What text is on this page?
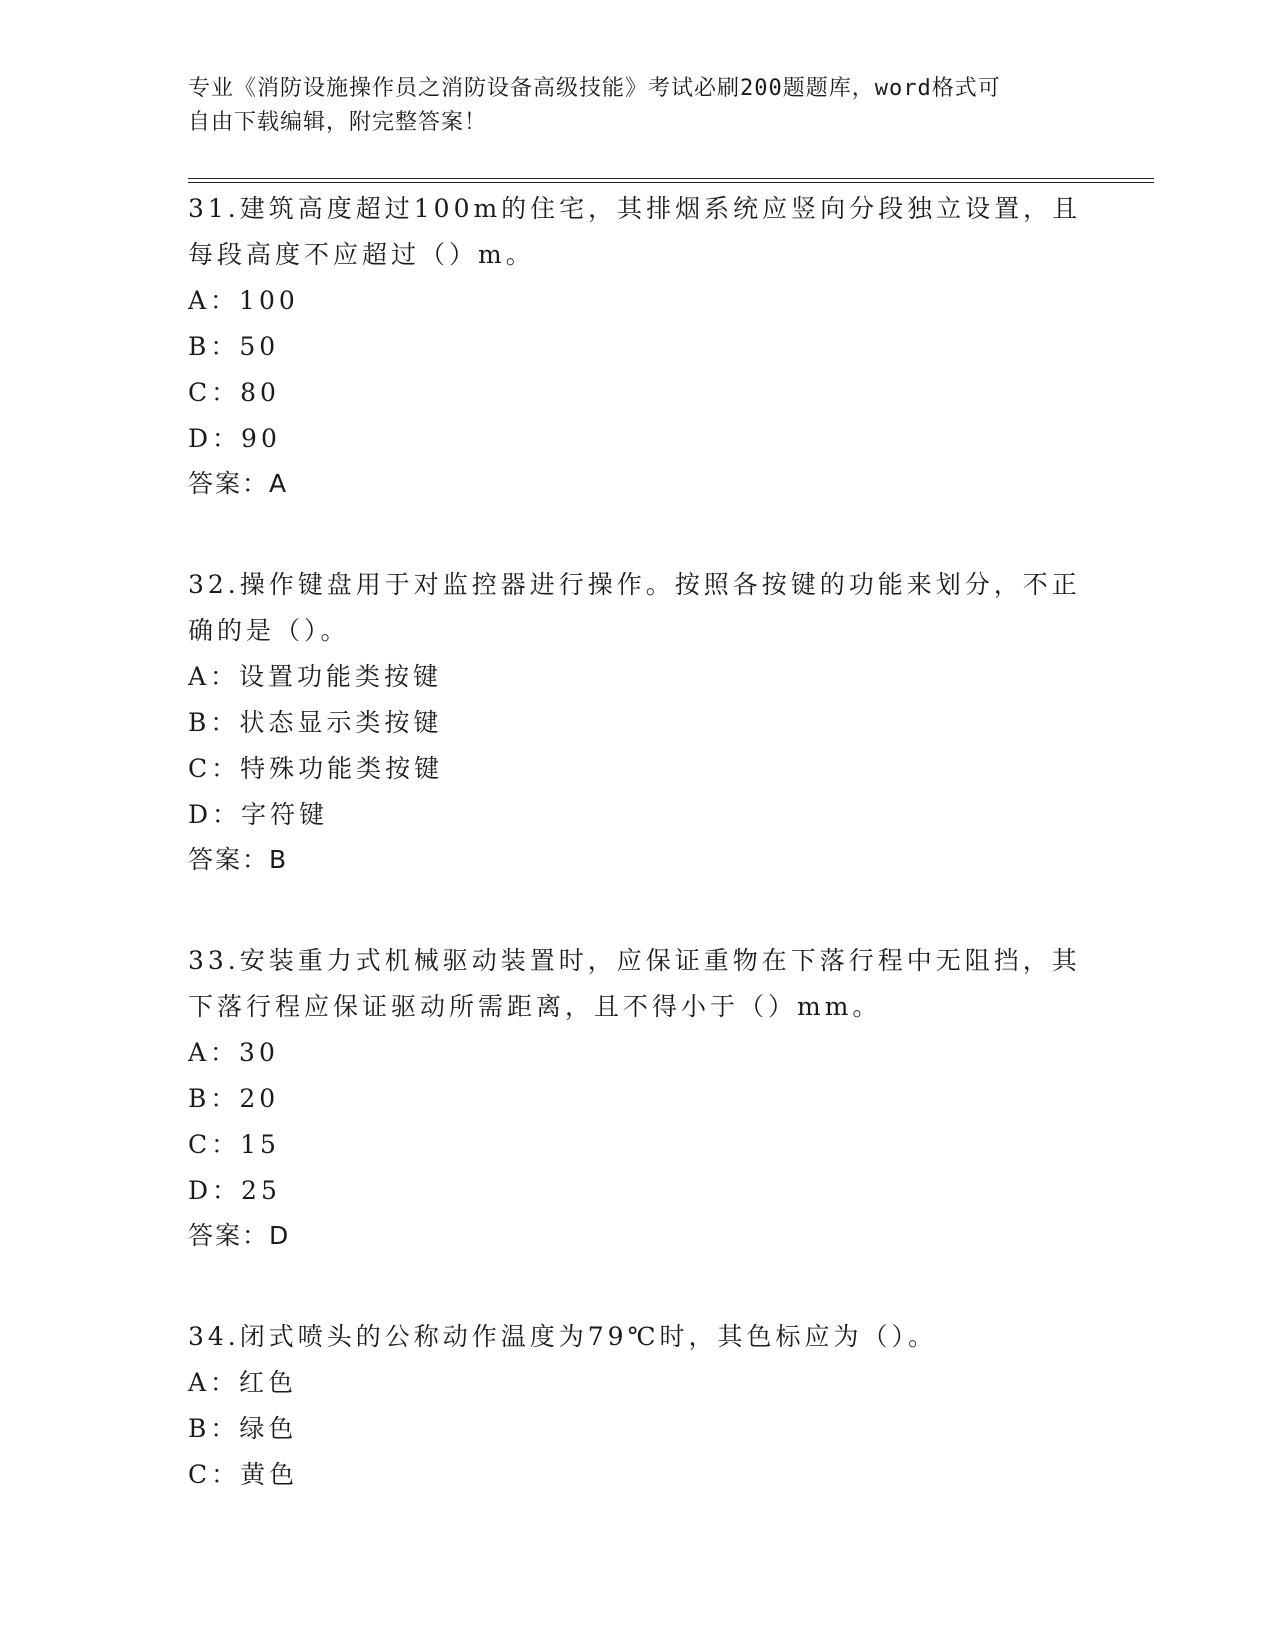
专业《消防设施操作员之消防设备高级技能》考试必刷200题题库，word格式可
自由下载编辑，附完整答案！
31.建筑高度超过100m的住宅，其排烟系统应竖向分段独立设置，且
每段高度不应超过（）m。
A：100
B：50
C：80
D：90
答案：A
32.操作键盘用于对监控器进行操作。按照各按键的功能来划分，不正
确的是（）。
A：设置功能类按键
B：状态显示类按键
C：特殊功能类按键
D：字符键
答案：B
33.安装重力式机械驱动装置时，应保证重物在下落行程中无阻挡，其
下落行程应保证驱动所需距离，且不得小于（）mm。
A：30
B：20
C：15
D：25
答案：D
34.闭式喷头的公称动作温度为79℃时，其色标应为（）。
A：红色
B：绿色
C：黄色
